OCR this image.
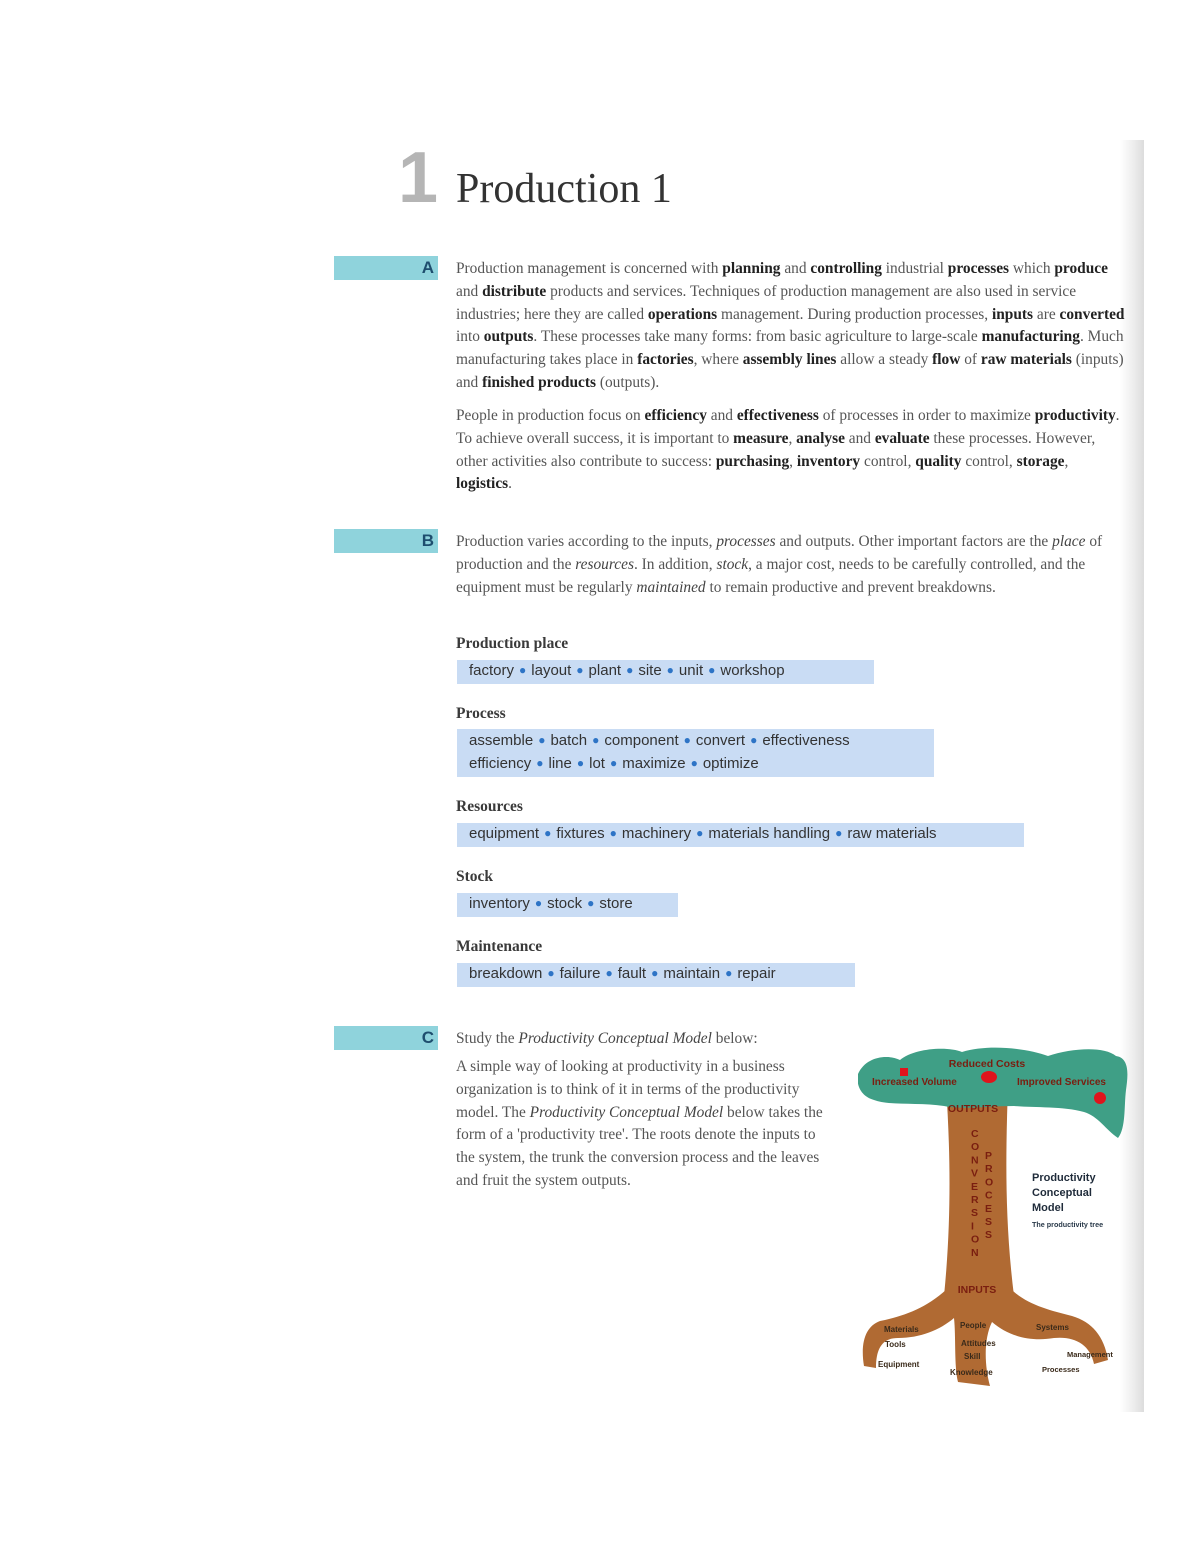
1 Production 1
A Production management is concerned with planning and controlling industrial processes which produce and distribute products and services. Techniques of production management are also used in service industries; here they are called operations management. During production processes, inputs are converted into outputs. These processes take many forms: from basic agriculture to large-scale manufacturing. Much manufacturing takes place in factories, where assembly lines allow a steady flow of raw materials (inputs) and finished products (outputs).

People in production focus on efficiency and effectiveness of processes in order to maximize productivity. To achieve overall success, it is important to measure, analyse and evaluate these processes. However, other activities also contribute to success: purchasing, inventory control, quality control, storage, logistics.

B Production varies according to the inputs, processes and outputs. Other important factors are the place of production and the resources. In addition, stock, a major cost, needs to be carefully controlled, and the equipment must be regularly maintained to remain productive and prevent breakdowns.

Production place
factory ● layout ● plant ● site ● unit ● workshop
Process
assemble ● batch ● component ● convert ● effectiveness
efficiency ● line ● lot ● maximize ● optimize
Resources
equipment ● fixtures ● machinery ● materials handling ● raw materials
Stock
inventory ● stock ● store
Maintenance
breakdown ● failure ● fault ● maintain ● repair
C Study the Productivity Conceptual Model below:

A simple way of looking at productivity in a business organization is to think of it in terms of the productivity model. The Productivity Conceptual Model below takes the form of a 'productivity tree'. The roots denote the inputs to the system, the trunk the conversion process and the leaves and fruit the system outputs.

Reduced Costs
Increased Volume	Improved Services
OUTPUTS
C O N V E R S I O N
P R O C E S S
INPUTS
Productivity
Conceptual
Model
The productivity tree
Materials
Tools
Equipment
People
Attitudes
Skill
Knowledge
Systems
Management
Processes
